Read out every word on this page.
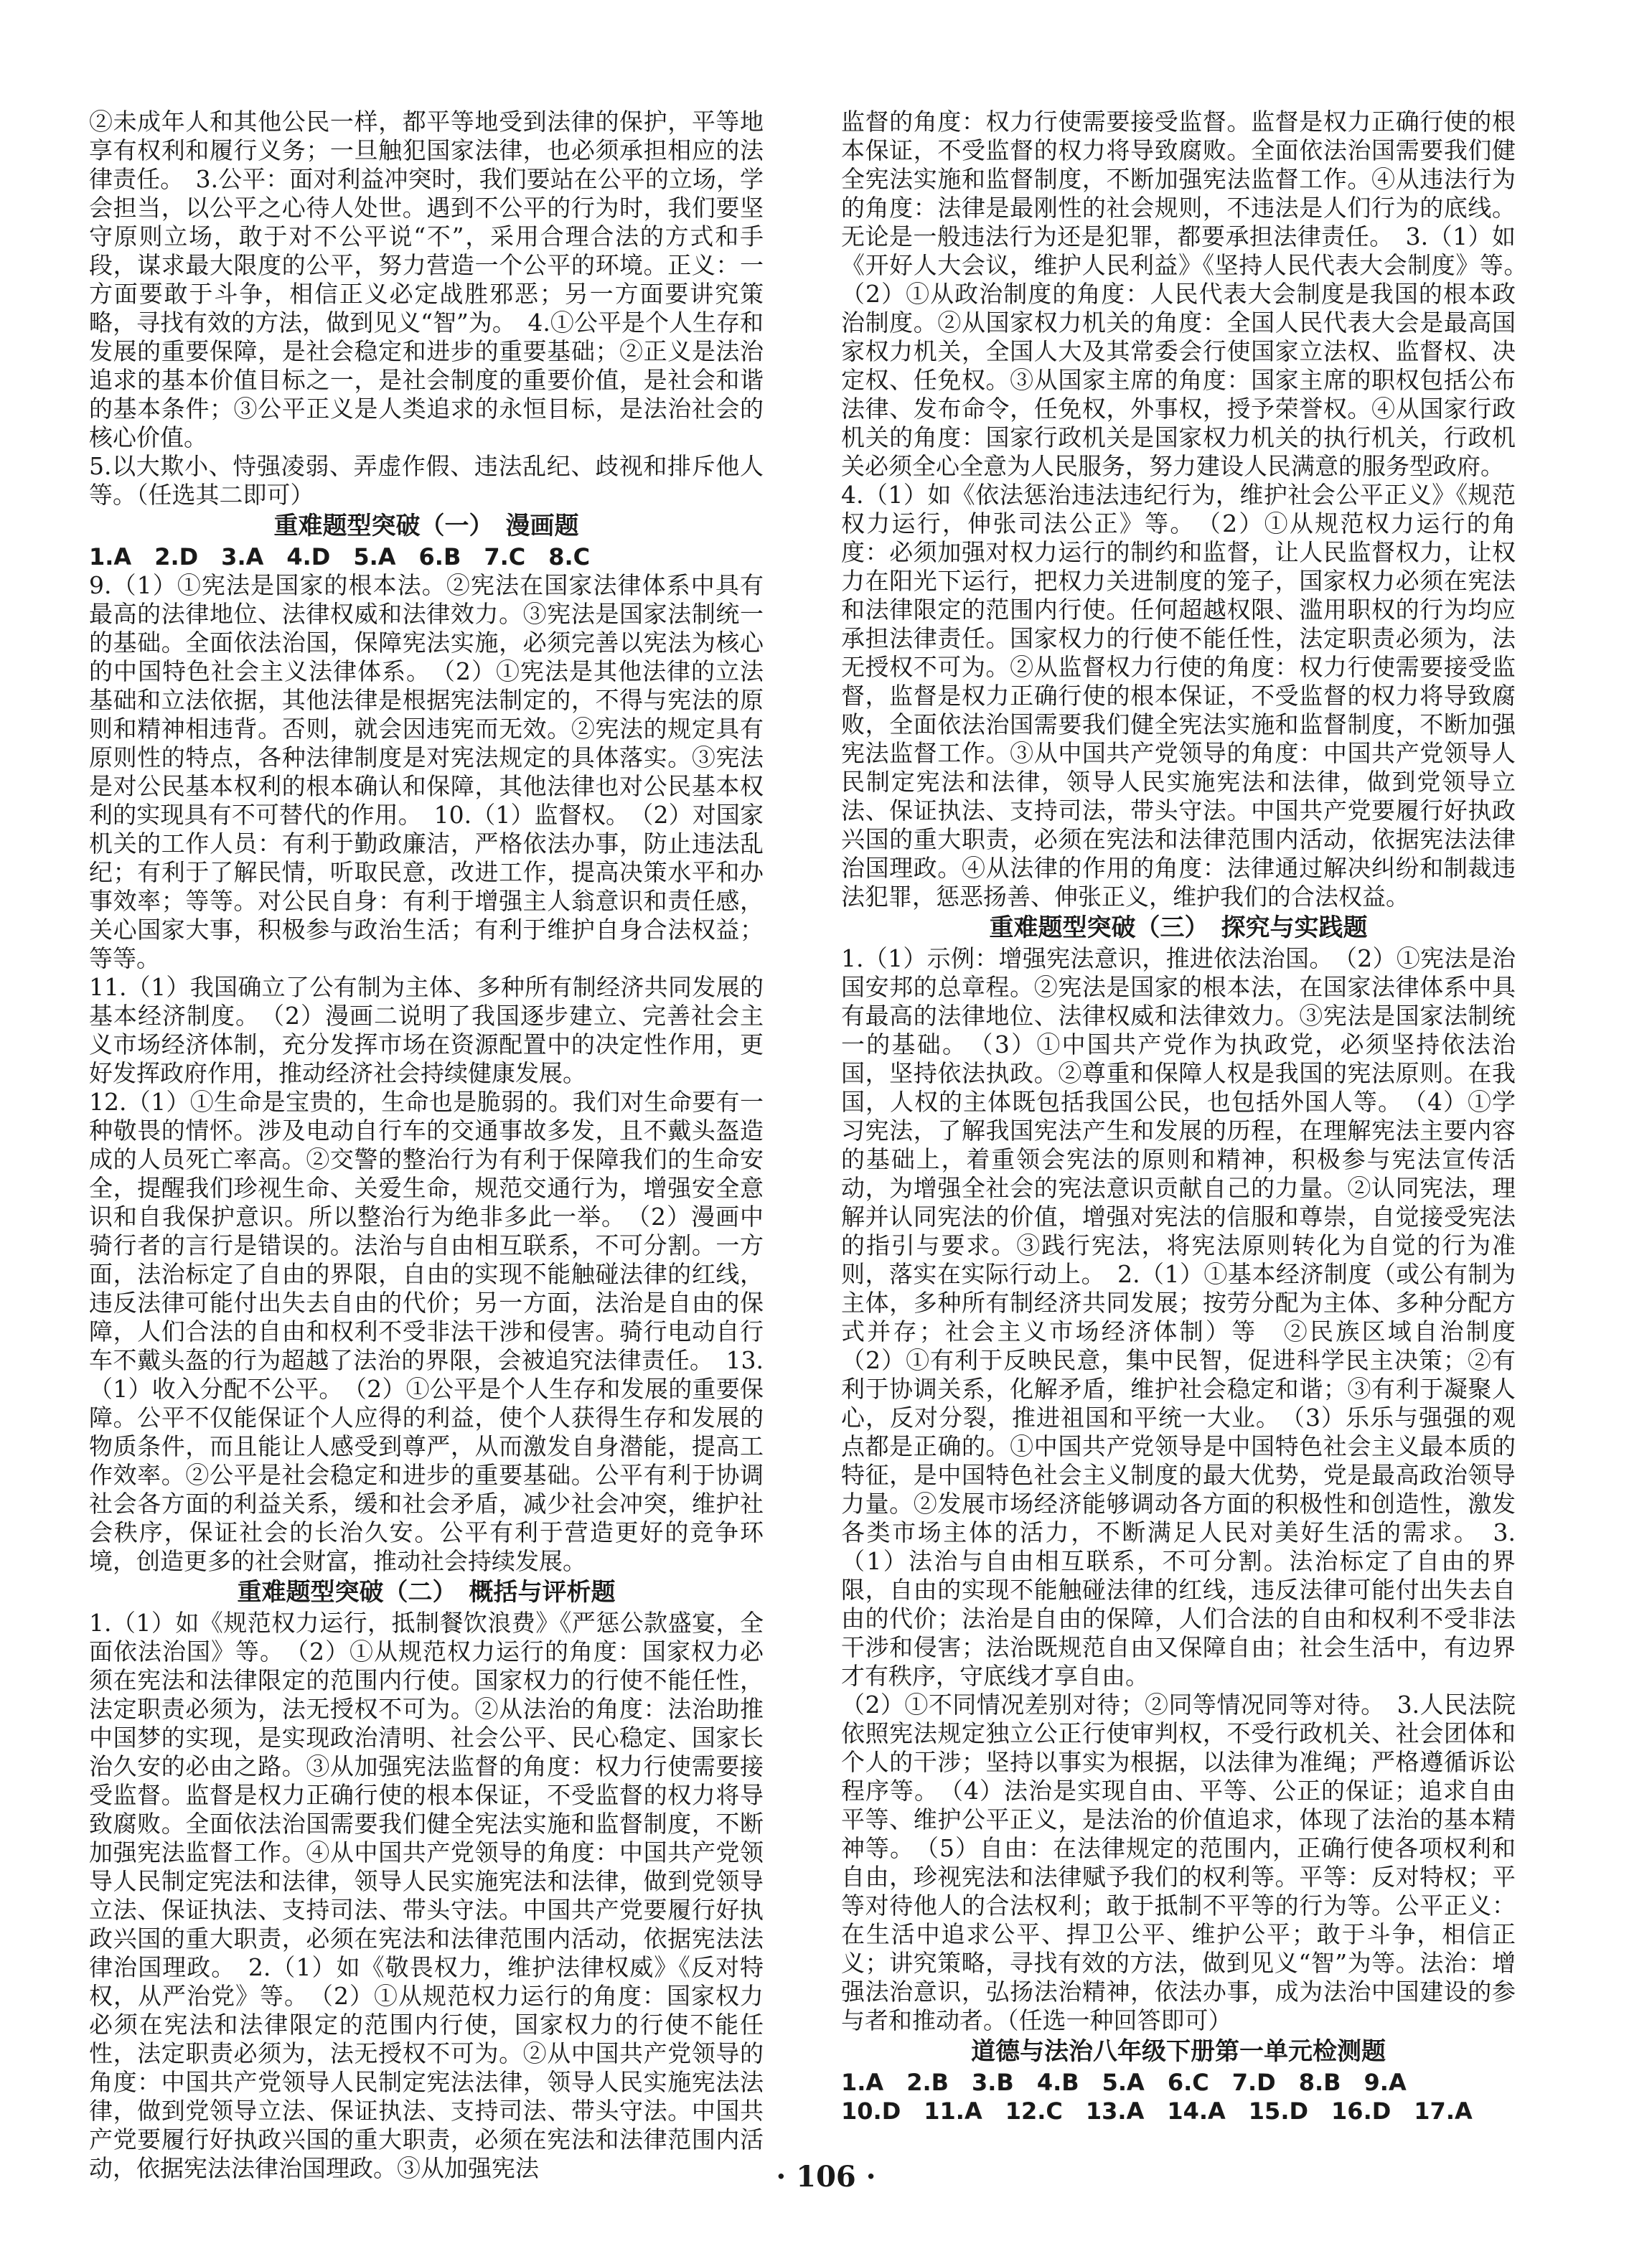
②未成年人和其他公民一样，都平等地受到法律的保护，平等地享有权利和履行义务；一旦触犯国家法律，也必须承担相应的法律责任。　3.公平：面对利益冲突时，我们要站在公平的立场，学会担当，以公平之心待人处世。遇到不公平的行为时，我们要坚守原则立场，敢于对不公平说“不”，采用合理合法的方式和手段，谋求最大限度的公平，努力营造一个公平的环境。正义：一方面要敢于斗争，相信正义必定战胜邪恶；另一方面要讲究策略，寻找有效的方法，做到见义“智”为。　4.①公平是个人生存和发展的重要保障，是社会稳定和进步的重要基础；②正义是法治追求的基本价值目标之一，是社会制度的重要价值，是社会和谐的基本条件；③公平正义是人类追求的永恒目标，是法治社会的核心价值。

5.以大欺小、恃强凌弱、弄虚作假、违法乱纪、歧视和排斥他人等。（任选其二即可）

重难题型突破（一）　漫画题

1.A　2.D　3.A　4.D　5.A　6.B　7.C　8.C

9.（1）①宪法是国家的根本法。②宪法在国家法律体系中具有最高的法律地位、法律权威和法律效力。③宪法是国家法制统一的基础。全面依法治国，保障宪法实施，必须完善以宪法为核心的中国特色社会主义法律体系。　（2）①宪法是其他法律的立法基础和立法依据，其他法律是根据宪法制定的，不得与宪法的原则和精神相违背。否则，就会因违宪而无效。②宪法的规定具有原则性的特点，各种法律制度是对宪法规定的具体落实。③宪法是对公民基本权利的根本确认和保障，其他法律也对公民基本权利的实现具有不可替代的作用。　10.（1）监督权。　（2）对国家机关的工作人员：有利于勤政廉洁，严格依法办事，防止违法乱纪；有利于了解民情，听取民意，改进工作，提高决策水平和办事效率；等等。对公民自身：有利于增强主人翁意识和责任感，关心国家大事，积极参与政治生活；有利于维护自身合法权益；等等。

11.（1）我国确立了公有制为主体、多种所有制经济共同发展的基本经济制度。　（2）漫画二说明了我国逐步建立、完善社会主义市场经济体制，充分发挥市场在资源配置中的决定性作用，更好发挥政府作用，推动经济社会持续健康发展。

12.（1）①生命是宝贵的，生命也是脆弱的。我们对生命要有一种敬畏的情怀。涉及电动自行车的交通事故多发，且不戴头盔造成的人员死亡率高。②交警的整治行为有利于保障我们的生命安全，提醒我们珍视生命、关爱生命，规范交通行为，增强安全意识和自我保护意识。所以整治行为绝非多此一举。　（2）漫画中骑行者的言行是错误的。法治与自由相互联系，不可分割。一方面，法治标定了自由的界限，自由的实现不能触碰法律的红线，违反法律可能付出失去自由的代价；另一方面，法治是自由的保障，人们合法的自由和权利不受非法干涉和侵害。骑行电动自行车不戴头盔的行为超越了法治的界限，会被追究法律责任。　13.（1）收入分配不公平。　（2）①公平是个人生存和发展的重要保障。公平不仅能保证个人应得的利益，使个人获得生存和发展的物质条件，而且能让人感受到尊严，从而激发自身潜能，提高工作效率。②公平是社会稳定和进步的重要基础。公平有利于协调社会各方面的利益关系，缓和社会矛盾，减少社会冲突，维护社会秩序，保证社会的长治久安。公平有利于营造更好的竞争环境，创造更多的社会财富，推动社会持续发展。

重难题型突破（二）　概括与评析题

1.（1）如《规范权力运行，抵制餐饮浪费》《严惩公款盛宴，全面依法治国》等。　（2）①从规范权力运行的角度：国家权力必须在宪法和法律限定的范围内行使。国家权力的行使不能任性，法定职责必须为，法无授权不可为。②从法治的角度：法治助推中国梦的实现，是实现政治清明、社会公平、民心稳定、国家长治久安的必由之路。③从加强宪法监督的角度：权力行使需要接受监督。监督是权力正确行使的根本保证，不受监督的权力将导致腐败。全面依法治国需要我们健全宪法实施和监督制度，不断加强宪法监督工作。④从中国共产党领导的角度：中国共产党领导人民制定宪法和法律，领导人民实施宪法和法律，做到党领导立法、保证执法、支持司法、带头守法。中国共产党要履行好执政兴国的重大职责，必须在宪法和法律范围内活动，依据宪法法律治国理政。　2.（1）如《敬畏权力，维护法律权威》《反对特权，从严治党》等。　（2）①从规范权力运行的角度：国家权力必须在宪法和法律限定的范围内行使，国家权力的行使不能任性，法定职责必须为，法无授权不可为。②从中国共产党领导的角度：中国共产党领导人民制定宪法法律，领导人民实施宪法法律，做到党领导立法、保证执法、支持司法、带头守法。中国共产党要履行好执政兴国的重大职责，必须在宪法和法律范围内活动，依据宪法法律治国理政。③从加强宪法

监督的角度：权力行使需要接受监督。监督是权力正确行使的根本保证，不受监督的权力将导致腐败。全面依法治国需要我们健全宪法实施和监督制度，不断加强宪法监督工作。④从违法行为的角度：法律是最刚性的社会规则，不违法是人们行为的底线。无论是一般违法行为还是犯罪，都要承担法律责任。　3.（1）如《开好人大会议，维护人民利益》《坚持人民代表大会制度》等。　（2）①从政治制度的角度：人民代表大会制度是我国的根本政治制度。②从国家权力机关的角度：全国人民代表大会是最高国家权力机关，全国人大及其常委会行使国家立法权、监督权、决定权、任免权。③从国家主席的角度：国家主席的职权包括公布法律、发布命令，任免权，外事权，授予荣誉权。④从国家行政机关的角度：国家行政机关是国家权力机关的执行机关，行政机关必须全心全意为人民服务，努力建设人民满意的服务型政府。

4.（1）如《依法惩治违法违纪行为，维护社会公平正义》《规范权力运行，伸张司法公正》等。　（2）①从规范权力运行的角度：必须加强对权力运行的制约和监督，让人民监督权力，让权力在阳光下运行，把权力关进制度的笼子，国家权力必须在宪法和法律限定的范围内行使。任何超越权限、滥用职权的行为均应承担法律责任。国家权力的行使不能任性，法定职责必须为，法无授权不可为。②从监督权力行使的角度：权力行使需要接受监督，监督是权力正确行使的根本保证，不受监督的权力将导致腐败，全面依法治国需要我们健全宪法实施和监督制度，不断加强宪法监督工作。③从中国共产党领导的角度：中国共产党领导人民制定宪法和法律，领导人民实施宪法和法律，做到党领导立法、保证执法、支持司法，带头守法。中国共产党要履行好执政兴国的重大职责，必须在宪法和法律范围内活动，依据宪法法律治国理政。④从法律的作用的角度：法律通过解决纠纷和制裁违法犯罪，惩恶扬善、伸张正义，维护我们的合法权益。

重难题型突破（三）　探究与实践题

1.（1）示例：增强宪法意识，推进依法治国。　（2）①宪法是治国安邦的总章程。②宪法是国家的根本法，在国家法律体系中具有最高的法律地位、法律权威和法律效力。③宪法是国家法制统一的基础。　（3）①中国共产党作为执政党，必须坚持依法治国，坚持依法执政。②尊重和保障人权是我国的宪法原则。在我国，人权的主体既包括我国公民，也包括外国人等。　（4）①学习宪法，了解我国宪法产生和发展的历程，在理解宪法主要内容的基础上，着重领会宪法的原则和精神，积极参与宪法宣传活动，为增强全社会的宪法意识贡献自己的力量。②认同宪法，理解并认同宪法的价值，增强对宪法的信服和尊崇，自觉接受宪法的指引与要求。③践行宪法，将宪法原则转化为自觉的行为准则，落实在实际行动上。　2.（1）①基本经济制度（或公有制为主体，多种所有制经济共同发展；按劳分配为主体、多种分配方式并存；社会主义市场经济体制）等　②民族区域自治制度　（2）①有利于反映民意，集中民智，促进科学民主决策；②有利于协调关系，化解矛盾，维护社会稳定和谐；③有利于凝聚人心，反对分裂，推进祖国和平统一大业。　（3）乐乐与强强的观点都是正确的。①中国共产党领导是中国特色社会主义最本质的特征，是中国特色社会主义制度的最大优势，党是最高政治领导力量。②发展市场经济能够调动各方面的积极性和创造性，激发各类市场主体的活力，不断满足人民对美好生活的需求。　3.（1）法治与自由相互联系，不可分割。法治标定了自由的界限，自由的实现不能触碰法律的红线，违反法律可能付出失去自由的代价；法治是自由的保障，人们合法的自由和权利不受非法干涉和侵害；法治既规范自由又保障自由；社会生活中，有边界才有秩序，守底线才享自由。

（2）①不同情况差别对待；②同等情况同等对待。　3.人民法院依照宪法规定独立公正行使审判权，不受行政机关、社会团体和个人的干涉；坚持以事实为根据，以法律为准绳；严格遵循诉讼程序等。　（4）法治是实现自由、平等、公正的保证；追求自由平等、维护公平正义，是法治的价值追求，体现了法治的基本精神等。　（5）自由：在法律规定的范围内，正确行使各项权利和自由，珍视宪法和法律赋予我们的权利等。平等：反对特权；平等对待他人的合法权利；敢于抵制不平等的行为等。公平正义：在生活中追求公平、捍卫公平、维护公平；敢于斗争，相信正义；讲究策略，寻找有效的方法，做到见义“智”为等。法治：增强法治意识，弘扬法治精神，依法办事，成为法治中国建设的参与者和推动者。（任选一种回答即可）

道德与法治八年级下册第一单元检测题

1.A　2.B　3.B　4.B　5.A　6.C　7.D　8.B　9.A

10.D　11.A　12.C　13.A　14.A　15.D　16.D　17.A

· 106 ·
